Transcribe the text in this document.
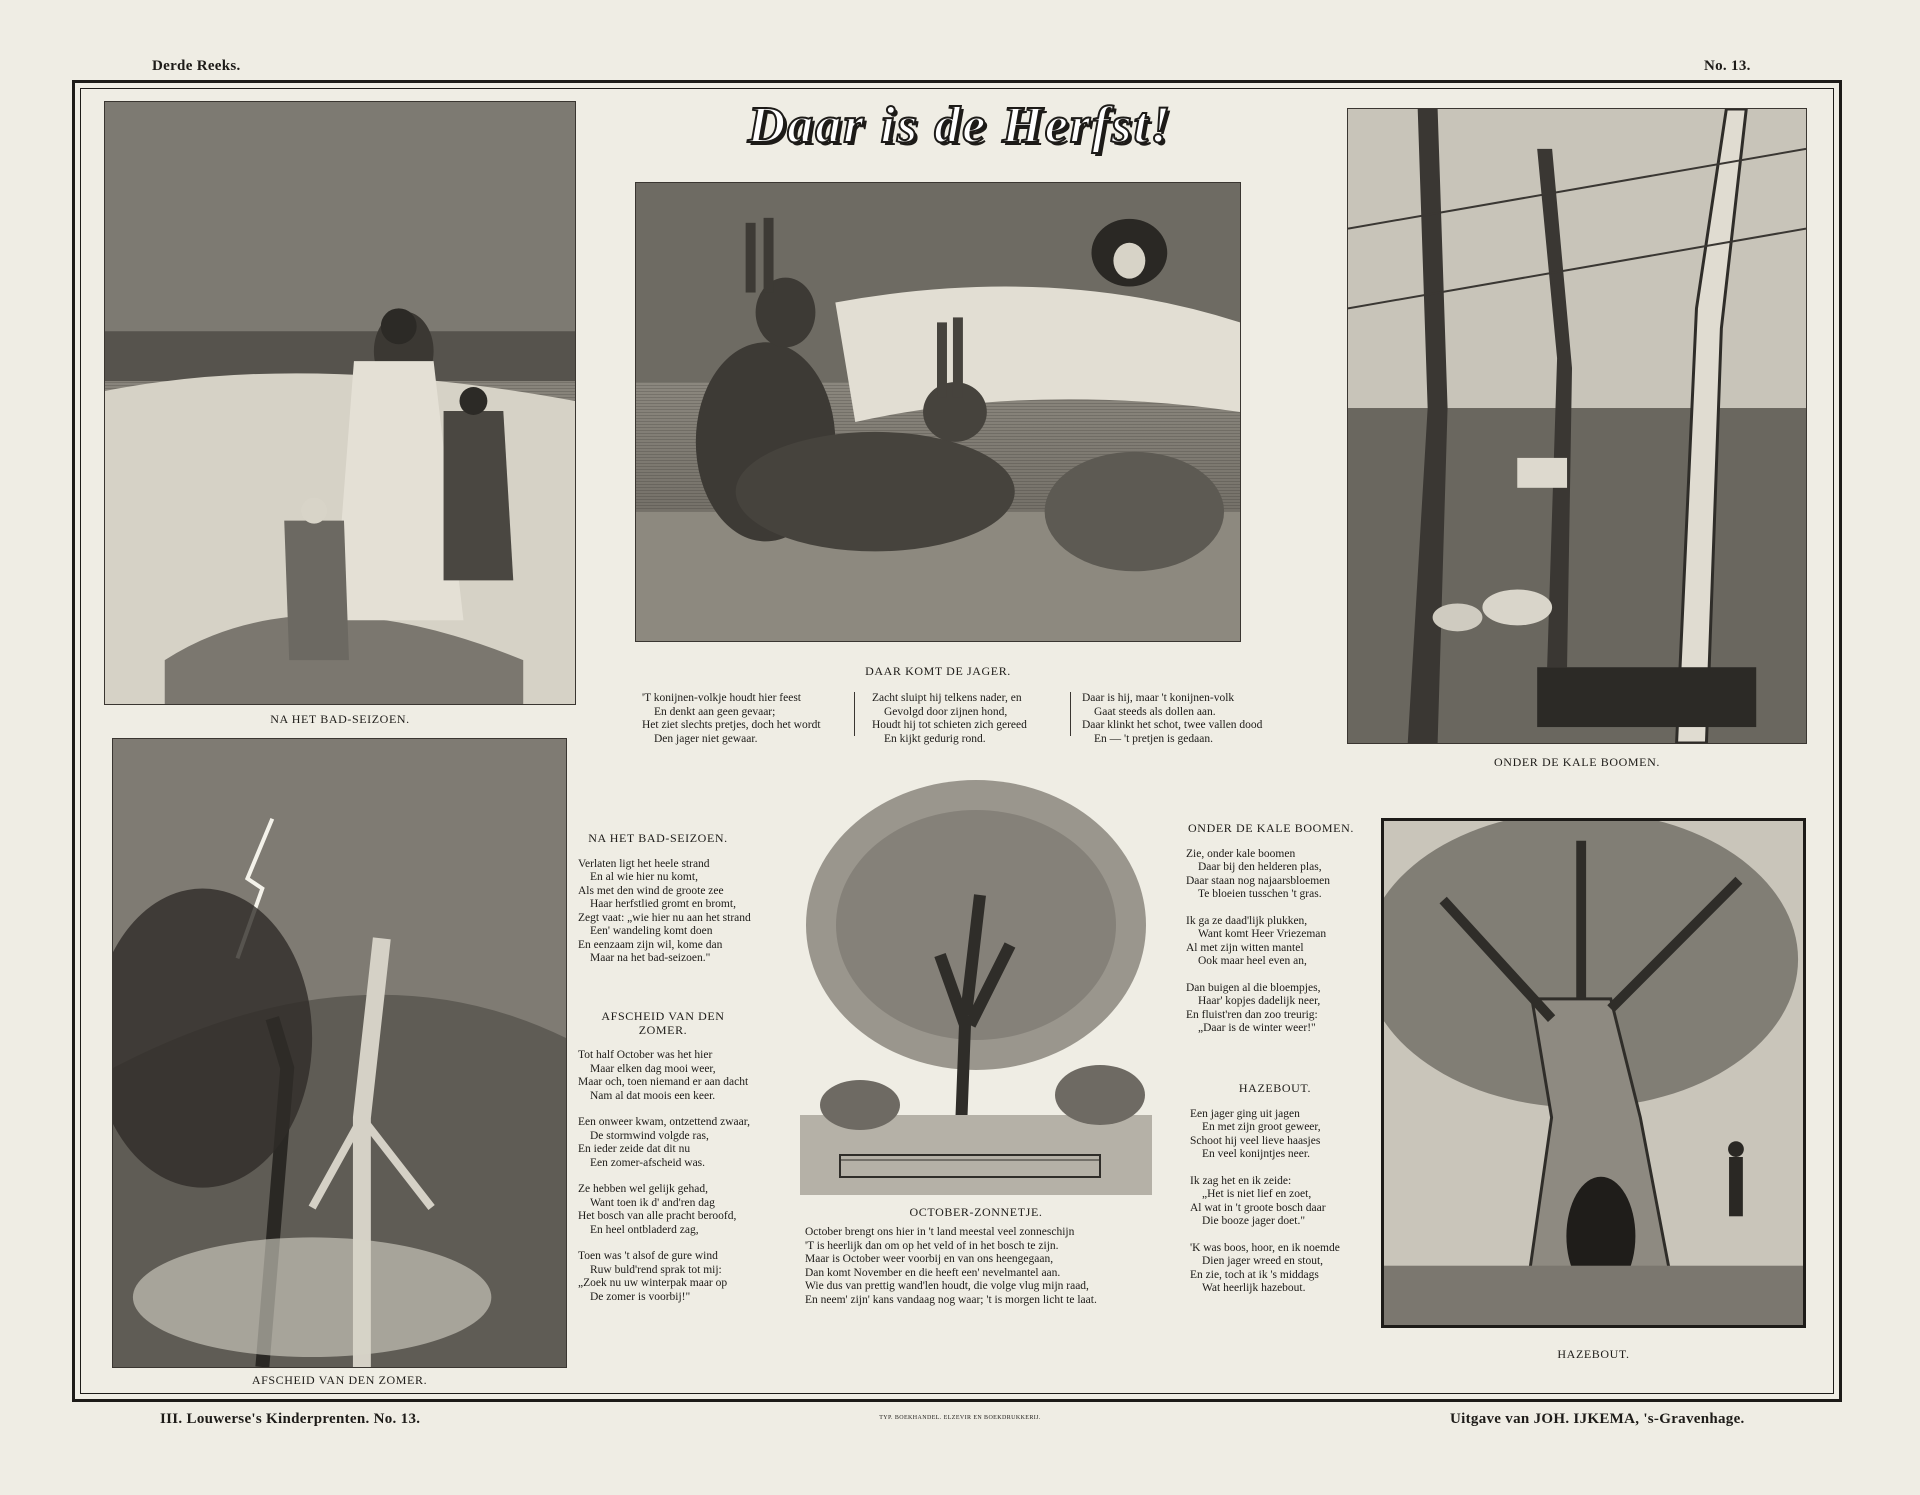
Derde Reeks.	No. 13.
Daar is de Herfst!
NA HET BAD-SEIZOEN.
DAAR KOMT DE JAGER.
'T konijnen-volkje houdt hier feest
En denkt aan geen gevaar;
Het ziet slechts pretjes, doch het wordt
Den jager niet gewaar.
Zacht sluipt hij telkens nader, en
Gevolgd door zijnen hond,
Houdt hij tot schieten zich gereed
En kijkt gedurig rond.
Daar is hij, maar 't konijnen-volk
Gaat steeds als dollen aan.
Daar klinkt het schot, twee vallen dood
En — 't pretjen is gedaan.
ONDER DE KALE BOOMEN.
AFSCHEID VAN DEN ZOMER.
NA HET BAD-SEIZOEN.
Verlaten ligt het heele strand
En al wie hier nu komt,
Als met den wind de groote zee
Haar herfstlied gromt en bromt,
Zegt vaat: „wie hier nu aan het strand
Een' wandeling komt doen
En eenzaam zijn wil, kome dan
Maar na het bad-seizoen."
AFSCHEID VAN DEN ZOMER.
Tot half October was het hier
Maar elken dag mooi weer,
Maar och, toen niemand er aan dacht
Nam al dat moois een keer.
Een onweer kwam, ontzettend zwaar,
De stormwind volgde ras,
En ieder zeide dat dit nu
Een zomer-afscheid was.
Ze hebben wel gelijk gehad,
Want toen ik d' and'ren dag
Het bosch van alle pracht beroofd,
En heel ontbladerd zag,
Toen was 't alsof de gure wind
Ruw buld'rend sprak tot mij:
„Zoek nu uw winterpak maar op
De zomer is voorbij!"
OCTOBER-ZONNETJE.
October brengt ons hier in 't land meestal veel zonneschijn
'T is heerlijk dan om op het veld of in het bosch te zijn.
Maar is October weer voorbij en van ons heengegaan,
Dan komt November en die heeft een' nevelmantel aan.
Wie dus van prettig wand'len houdt, die volge vlug mijn raad,
En neem' zijn' kans vandaag nog waar; 't is morgen licht te laat.
ONDER DE KALE BOOMEN.
Zie, onder kale boomen
Daar bij den helderen plas,
Daar staan nog najaarsbloemen
Te bloeien tusschen 't gras.
Ik ga ze daad'lijk plukken,
Want komt Heer Vriezeman
Al met zijn witten mantel
Ook maar heel even an,
Dan buigen al die bloempjes,
Haar' kopjes dadelijk neer,
En fluist'ren dan zoo treurig:
„Daar is de winter weer!"
HAZEBOUT.
Een jager ging uit jagen
En met zijn groot geweer,
Schoot hij veel lieve haasjes
En veel konijntjes neer.
Ik zag het en ik zeide:
„Het is niet lief en zoet,
Al wat in 't groote bosch daar
Die booze jager doet."
'K was boos, hoor, en ik noemde
Dien jager wreed en stout,
En zie, toch at ik 's middags
Wat heerlijk hazebout.
HAZEBOUT.
III. Louwerse's Kinderprenten. No. 13.	TYP. BOEKHANDEL. ELZEVIR EN BOEKDRUKKERIJ.	Uitgave van JOH. IJKEMA, 's-Gravenhage.
